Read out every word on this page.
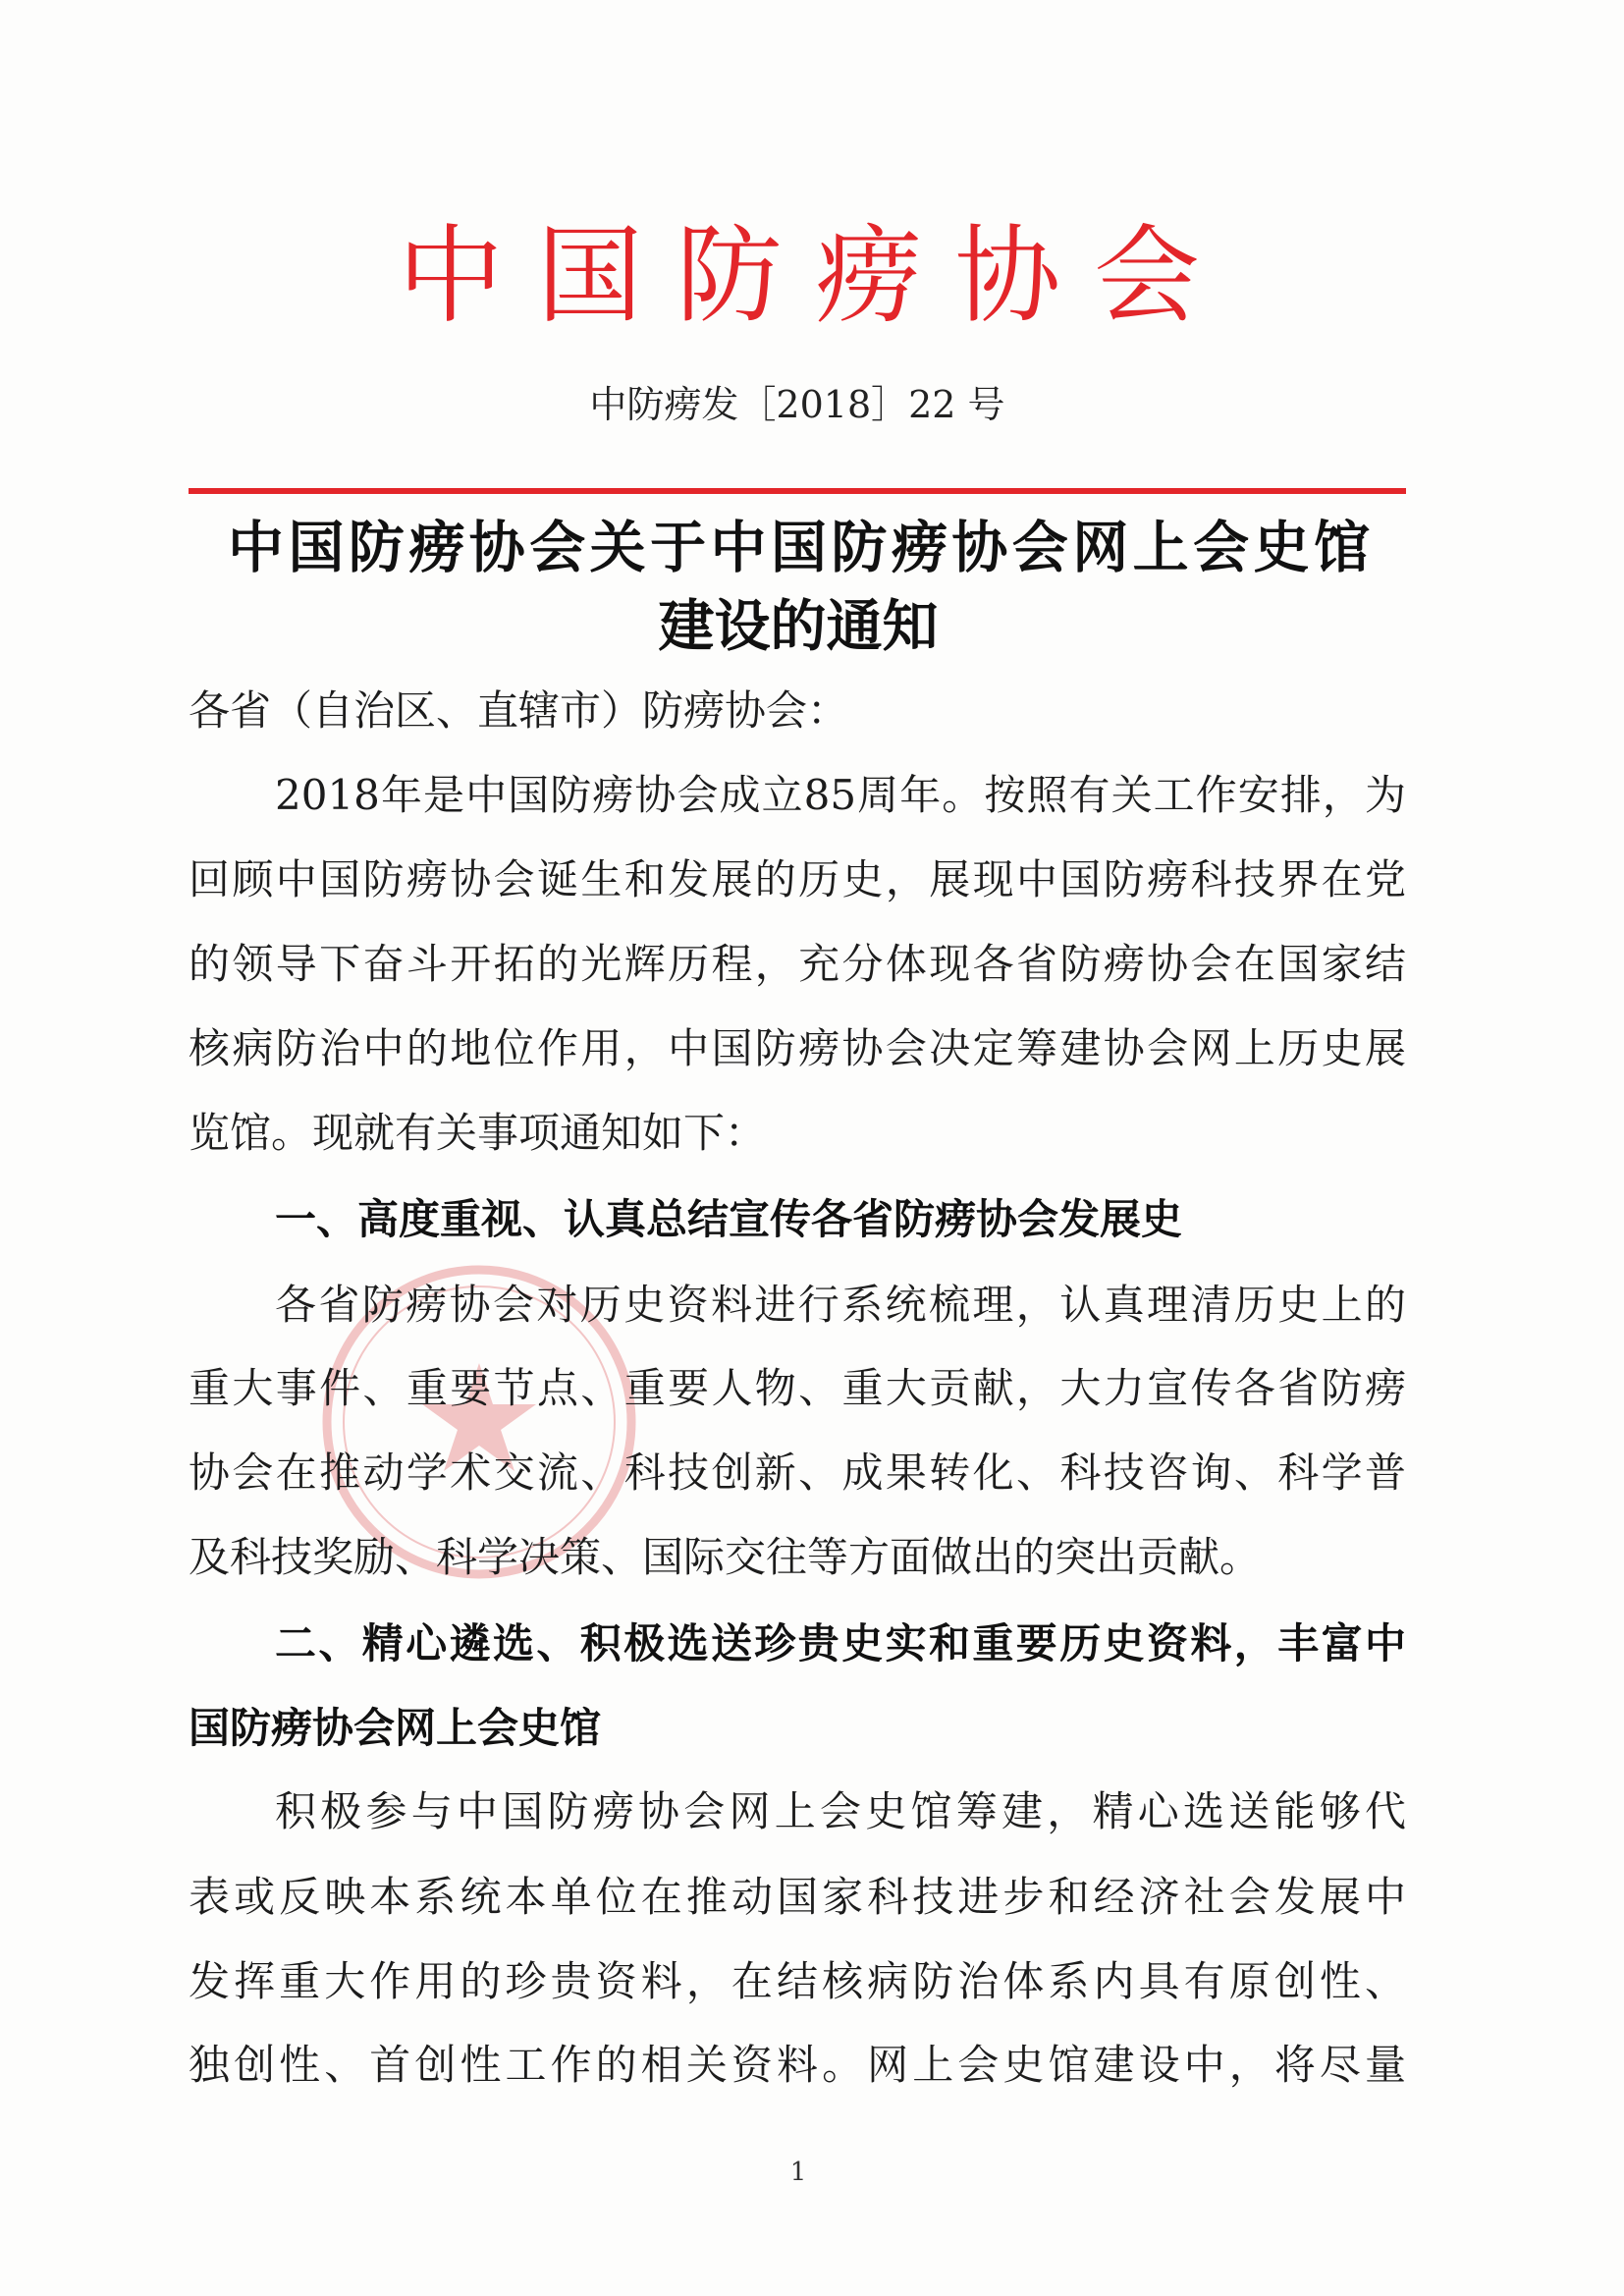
中国防痨协会
中防痨发［2018］22 号
中国防痨协会关于中国防痨协会网上会史馆
建设的通知
各省（自治区、直辖市）防痨协会：
2018年是中国防痨协会成立85周年。按照有关工作安排，为
回顾中国防痨协会诞生和发展的历史，展现中国防痨科技界在党
的领导下奋斗开拓的光辉历程，充分体现各省防痨协会在国家结
核病防治中的地位作用，中国防痨协会决定筹建协会网上历史展
览馆。现就有关事项通知如下：
一、高度重视、认真总结宣传各省防痨协会发展史
各省防痨协会对历史资料进行系统梳理，认真理清历史上的
重大事件、重要节点、重要人物、重大贡献，大力宣传各省防痨
协会在推动学术交流、科技创新、成果转化、科技咨询、科学普
及科技奖励、科学决策、国际交往等方面做出的突出贡献。
二、精心遴选、积极选送珍贵史实和重要历史资料，丰富中
国防痨协会网上会史馆
积极参与中国防痨协会网上会史馆筹建，精心选送能够代
表或反映本系统本单位在推动国家科技进步和经济社会发展中
发挥重大作用的珍贵资料，在结核病防治体系内具有原创性、
独创性、首创性工作的相关资料。网上会史馆建设中，将尽量
1
